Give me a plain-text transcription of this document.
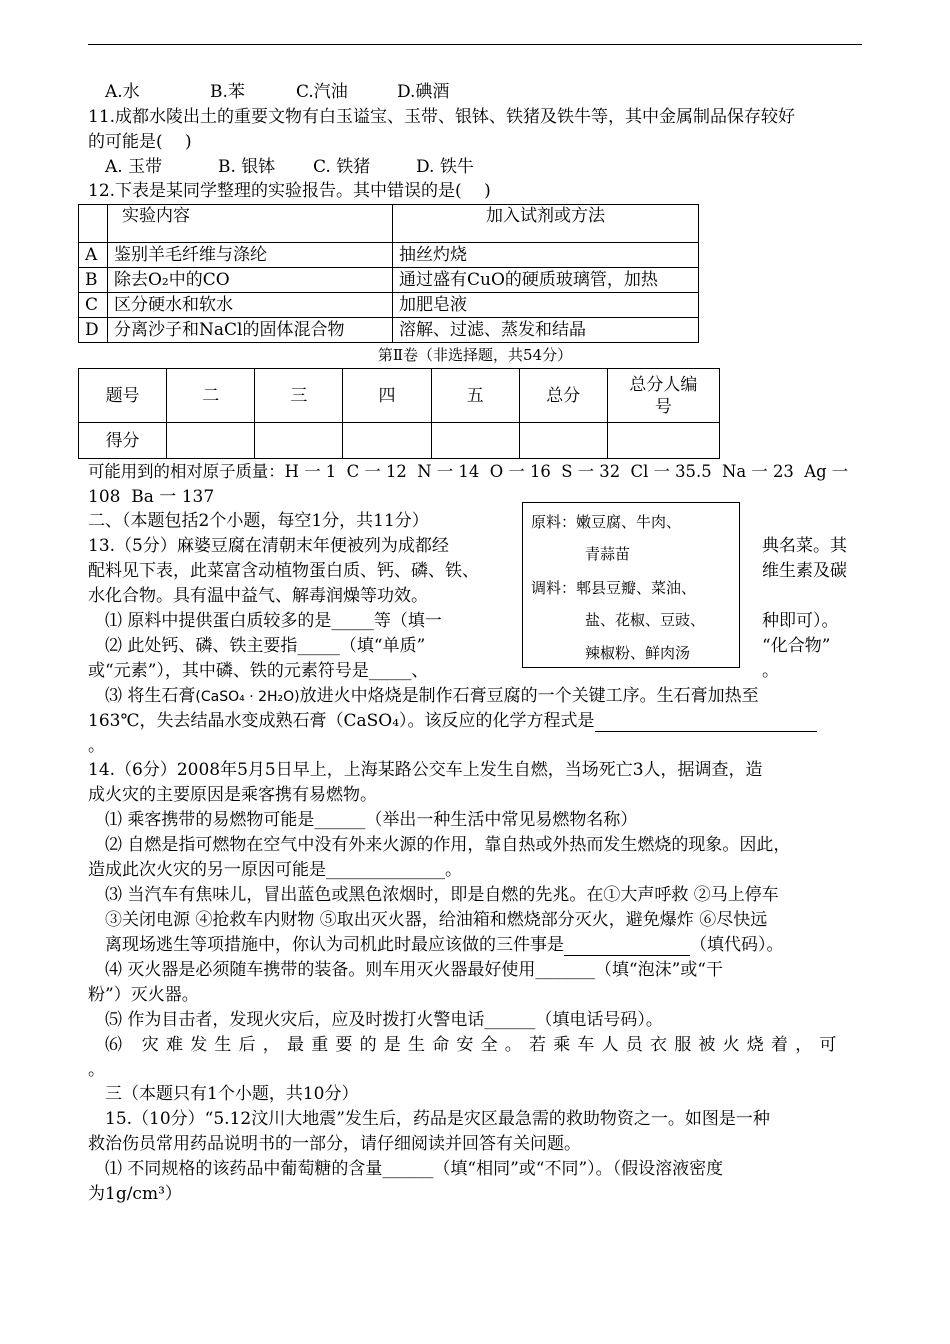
A.水	B.苯	C.汽油	D.碘酒
11.成都水陵出土的重要文物有白玉谥宝、玉带、银钵、铁猪及铁牛等，其中金属制品保存较好
的可能是(　 )
A. 玉带	B. 银钵 C. 铁猪	D. 铁牛
12.下表是某同学整理的实验报告。其中错误的是(　 )
	实验内容	加入试剂或方法
A	鉴别羊毛纤维与涤纶	抽丝灼烧
B	除去O₂中的CO	通过盛有CuO的硬质玻璃管，加热
C	区分硬水和软水	加肥皂液
D	分离沙子和NaCl的固体混合物	溶解、过滤、蒸发和结晶
第Ⅱ卷（非选择题，共54分）
题号	二	三	四	五	总分	总分人编号
得分						
可能用到的相对原子质量：H 一 1  C 一 12  N 一 14  O 一 16  S 一 32  Cl 一 35.5  Na 一 23  Ag 一
108  Ba 一 137
二、（本题包括2个小题，每空1分，共11分）
13.（5分）麻婆豆腐在清朝末年便被列为成都经	典名菜。其
配料见下表，此菜富含动植物蛋白质、钙、磷、铁、	维生素及碳
水化合物。具有温中益气、解毒润燥等功效。
⑴ 原料中提供蛋白质较多的是_____等（填一	种即可）。
⑵ 此处钙、磷、铁主要指_____（填“单质”	“化合物”
或“元素”），其中磷、铁的元素符号是_____、	。
⑶ 将生石膏(CaSO₄ · 2H₂O)放进火中烙烧是制作石膏豆腐的一个关键工序。生石膏加热至
163℃，失去结晶水变成熟石膏（CaSO₄）。该反应的化学方程式是
。
原料：嫩豆腐、牛肉、
青蒜苗
调料：郫县豆瓣、菜油、
盐、花椒、豆豉、
辣椒粉、鲜肉汤
14.（6分）2008年5月5日早上，上海某路公交车上发生自燃，当场死亡3人，据调查，造
成火灾的主要原因是乘客携有易燃物。
⑴ 乘客携带的易燃物可能是______（举出一种生活中常见易燃物名称）
⑵ 自燃是指可燃物在空气中没有外来火源的作用，靠自热或外热而发生燃烧的现象。因此，
造成此次火灾的另一原因可能是______________。
⑶ 当汽车有焦味儿，冒出蓝色或黑色浓烟时，即是自燃的先兆。在①大声呼救 ②马上停车
③关闭电源 ④抢救车内财物 ⑤取出灭火器，给油箱和燃烧部分灭火，避免爆炸 ⑥尽快远
离现场逃生等项措施中，你认为司机此时最应该做的三件事是	（填代码）。
⑷ 灭火器是必须随车携带的装备。则车用灭火器最好使用_______（填“泡沫”或“干
粉”）灭火器。
⑸ 作为目击者，发现火灾后，应及时拨打火警电话______（填电话号码）。
⑹ 灾难发生后，最重要的是生命安全。若乘车人员衣服被火烧着，可
。
三（本题只有1个小题，共10分）
15.（10分）“5.12汶川大地震”发生后，药品是灾区最急需的救助物资之一。如图是一种
救治伤员常用药品说明书的一部分，请仔细阅读并回答有关问题。
⑴ 不同规格的该药品中葡萄糖的含量______（填“相同”或“不同”）。（假设溶液密度
为1g/cm³）
